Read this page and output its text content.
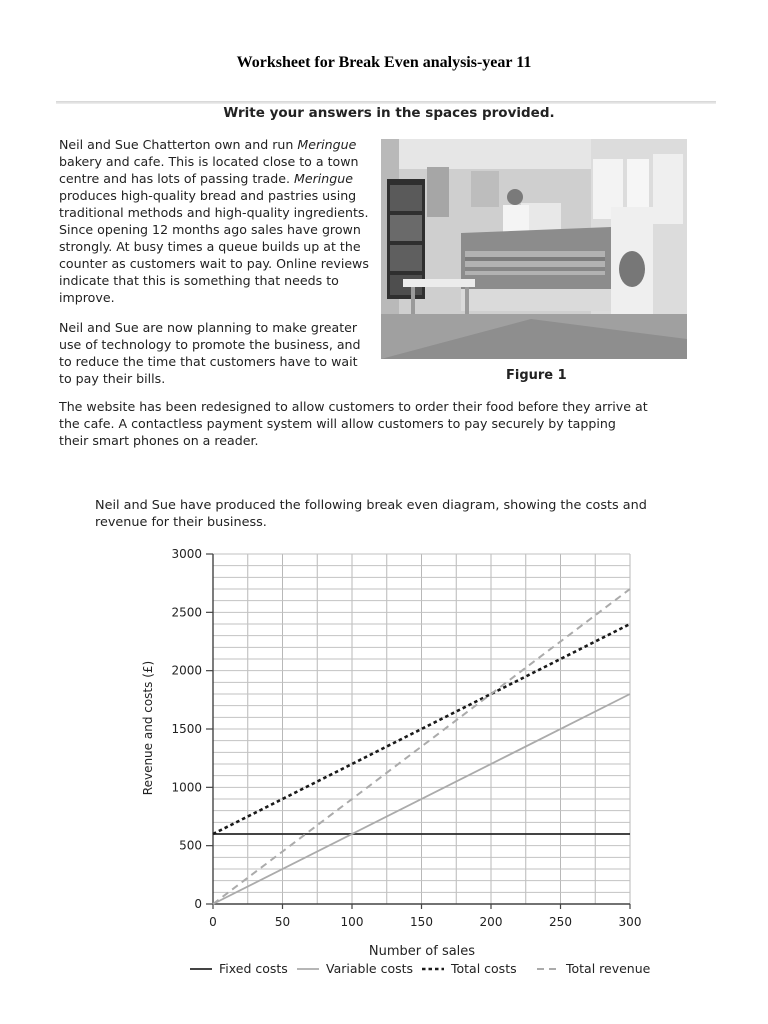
Worksheet for Break Even analysis-year 11
Write your answers in the spaces provided.
Neil and Sue Chatterton own and run Meringue bakery and cafe. This is located close to a town centre and has lots of passing trade. Meringue produces high-quality bread and pastries using traditional methods and high-quality ingredients. Since opening 12 months ago sales have grown strongly. At busy times a queue builds up at the counter as customers wait to pay. Online reviews indicate that this is something that needs to improve.
Neil and Sue are now planning to make greater use of technology to promote the business, and to reduce the time that customers have to wait to pay their bills.	Figure 1
The website has been redesigned to allow customers to order their food before they arrive at the cafe. A contactless payment system will allow customers to pay securely by tapping their smart phones on a reader.
Neil and Sue have produced the following break even diagram, showing the costs and revenue for their business.
0
500
1000
1500
2000
2500
3000
0	50	100	150	200	250	300
Number of sales
Revenue and costs (£)
Fixed costs	Variable costs	Total costs	Total revenue
